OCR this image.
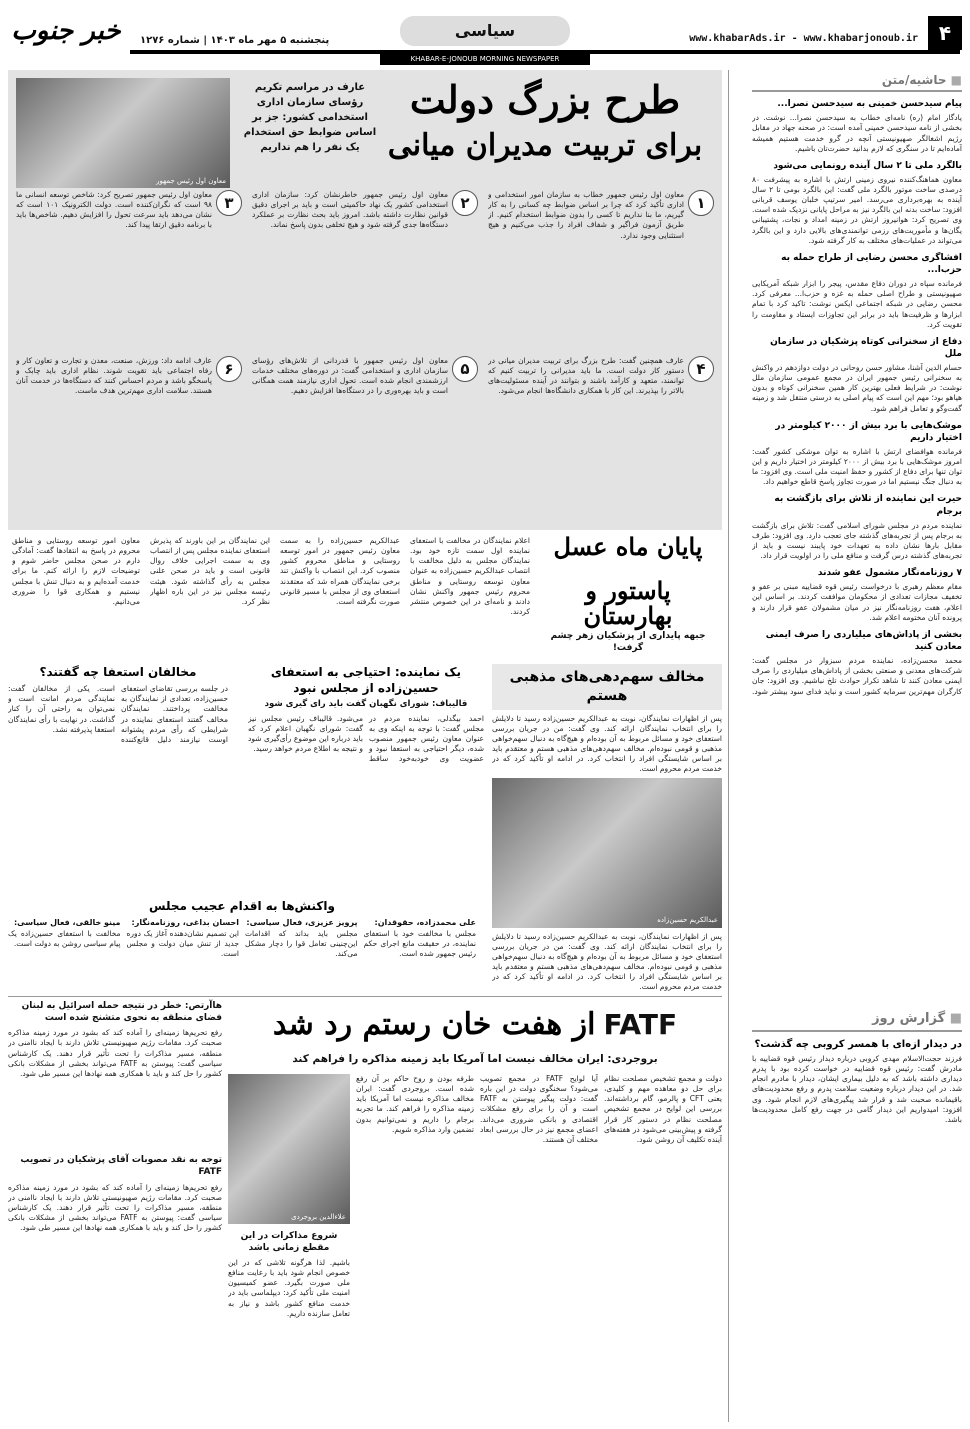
۴
www.khabarAds.ir - www.khabarjonoub.ir
سیاسی
پنجشنبه ۵ مهر ماه ۱۴۰۳ | شماره ۱۲۷۶
خبر جنوب
KHABAR-E-JONOUB MORNING NEWSPAPER
■ حاشیه/متن
پیام سیدحسن خمینی به سیدحسن نصرا...
یادگار امام (ره) نامه‌ای خطاب به سیدحسن نصرا... نوشت. در بخشی از نامه سیدحسن خمینی آمده است: در صحنه جهاد در مقابل رژیم اشغالگر صهیونیستی آنچه در گرو خدمت هستیم همیشه آماده‌ایم تا در سنگری که لازم بدانید حضرت‌تان باشیم.
بالگرد ملی تا ۲ سال آینده رونمایی می‌شود
معاون هماهنگ‌کننده نیروی زمینی ارتش با اشاره به پیشرفت ۸۰ درصدی ساخت موتور بالگرد ملی گفت: این بالگرد بومی تا ۲ سال آینده به بهره‌برداری می‌رسد. امیر سرتیپ خلبان یوسف قربانی افزود: ساخت بدنه این بالگرد نیز به مراحل پایانی نزدیک شده است. وی تصریح کرد: هوانیروز ارتش در زمینه امداد و نجات، پشتیبانی یگان‌ها و مأموریت‌های رزمی توانمندی‌های بالایی دارد و این بالگرد می‌تواند در عملیات‌های مختلف به کار گرفته شود.
افشاگری محسن رضایی از طراح حمله به حزب‌ا...
فرمانده سپاه در دوران دفاع مقدس، پیجر را ابزار شبکه آمریکایی صهیونیستی و طراح اصلی حمله به غزه و حزب‌ا... معرفی کرد. محسن رضایی در شبکه اجتماعی ایکس نوشت: تاکید کرد با تمام ابزارها و ظرفیت‌ها باید در برابر این تجاوزات ایستاد و مقاومت را تقویت کرد.
دفاع از سخنرانی کوتاه پزشکیان در سازمان ملل
حسام الدین آشنا، مشاور حسن روحانی در دولت دوازدهم در واکنش به سخنرانی رئیس جمهور ایران در مجمع عمومی سازمان ملل نوشت: در شرایط فعلی بهترین کار همین سخنرانی کوتاه و بدون هیاهو بود؛ مهم این است که پیام اصلی به درستی منتقل شد و زمینه گفت‌وگو و تعامل فراهم شود.
موشک‌هایی با برد بیش از ۲۰۰۰ کیلومتر در اختیار داریم
فرمانده هوافضای ارتش با اشاره به توان موشکی کشور گفت: امروز موشک‌هایی با برد بیش از ۲۰۰۰ کیلومتر در اختیار داریم و این توان تنها برای دفاع از کشور و حفظ امنیت ملی است. وی افزود: ما به دنبال جنگ نیستیم اما در صورت تجاوز پاسخ قاطع خواهیم داد.
حیرت این نماینده از تلاش برای بازگشت به برجام
نماینده مردم در مجلس شورای اسلامی گفت: تلاش برای بازگشت به برجام پس از تجربه‌های گذشته جای تعجب دارد. وی افزود: طرف مقابل بارها نشان داده به تعهدات خود پایبند نیست و باید از تجربه‌های گذشته درس گرفت و منافع ملی را در اولویت قرار داد.
۷ روزنامه‌نگار مشمول عفو شدند
مقام معظم رهبری با درخواست رئیس قوه قضاییه مبنی بر عفو و تخفیف مجازات تعدادی از محکومان موافقت کردند. بر اساس این اعلام، هفت روزنامه‌نگار نیز در میان مشمولان عفو قرار دارند و پرونده آنان مختومه اعلام شد.
بخشی از پاداش‌های میلیاردی را صرف ایمنی معادن کنید
محمد محسن‌زاده، نماینده مردم سبزوار در مجلس گفت: شرکت‌های معدنی و صنعتی بخشی از پاداش‌های میلیاردی را صرف ایمنی معادن کنند تا شاهد تکرار حوادث تلخ نباشیم. وی افزود: جان کارگران مهم‌ترین سرمایه کشور است و نباید فدای سود بیشتر شود.
■ گزارش روز
در دیدار ازه‌ای با همسر کروبی چه گذشت؟
فرزند حجت‌الاسلام مهدی کروبی درباره دیدار رئیس قوه قضاییه با مادرش گفت: رئیس قوه قضاییه در خواست کرده بود با پدرم دیداری داشته باشد که به دلیل بیماری ایشان، دیدار با مادرم انجام شد. در این دیدار درباره وضعیت سلامت پدرم و رفع محدودیت‌های باقیمانده صحبت شد و قرار شد پیگیری‌های لازم انجام شود. وی افزود: امیدواریم این دیدار گامی در جهت رفع کامل محدودیت‌ها باشد.
طرح بزرگ دولت
برای تربیت مدیران میانی
عارف در مراسم تکریم رؤسای سازمان اداری استخدامی کشور: جز بر اساس ضوابط حق استخدام یک نفر را هم نداریم
معاون اول رئیس جمهور
۱
معاون اول رئیس جمهور خطاب به سازمان امور استخدامی و اداری تأکید کرد که چرا بر اساس ضوابط چه کسانی را به کار گیریم، ما بنا نداریم تا کسی را بدون ضوابط استخدام کنیم. از طریق آزمون فراگیر و شفاف افراد را جذب می‌کنیم و هیچ استثنایی وجود ندارد.
۲
معاون اول رئیس جمهور خاطرنشان کرد: سازمان اداری استخدامی کشور یک نهاد حاکمیتی است و باید بر اجرای دقیق قوانین نظارت داشته باشد. امروز باید بحث نظارت بر عملکرد دستگاه‌ها جدی گرفته شود و هیچ تخلفی بدون پاسخ نماند.
۳
معاون اول رئیس جمهور تصریح کرد: شاخص توسعه انسانی ما ۹۸ است که نگران‌کننده است. دولت الکترونیک ۱۰۱ است که نشان می‌دهد باید سرعت تحول را افزایش دهیم. شاخص‌ها باید با برنامه دقیق ارتقا پیدا کند.
۴
عارف همچنین گفت: طرح بزرگ برای تربیت مدیران میانی در دستور کار دولت است. ما باید مدیرانی را تربیت کنیم که توانمند، متعهد و کارآمد باشند و بتوانند در آینده مسئولیت‌های بالاتر را بپذیرند. این کار با همکاری دانشگاه‌ها انجام می‌شود.
۵
معاون اول رئیس جمهور با قدردانی از تلاش‌های رؤسای سازمان اداری و استخدامی گفت: در دوره‌های مختلف خدمات ارزشمندی انجام شده است. تحول اداری نیازمند همت همگانی است و باید بهره‌وری را در دستگاه‌ها افزایش دهیم.
۶
عارف ادامه داد: ورزش، صنعت، معدن و تجارت و تعاون کار و رفاه اجتماعی باید تقویت شوند. نظام اداری باید چابک و پاسخگو باشد و مردم احساس کنند که دستگاه‌ها در خدمت آنان هستند. سلامت اداری مهم‌ترین هدف ماست.
پایان ماه عسل
پاستور و بهارستان
جبهه پایداری از پزشکیان زهر چشم گرفت!
اعلام نمایندگان در مخالفت با استعفای نماینده اول سمت تازه خود بود. نمایندگان مجلس به دلیل مخالفت با انتصاب عبدالکریم حسین‌زاده به عنوان معاون توسعه روستایی و مناطق محروم رئیس جمهور واکنش نشان دادند و نامه‌ای در این خصوص منتشر کردند.
عبدالکریم حسین‌زاده را به سمت معاون رئیس جمهور در امور توسعه روستایی و مناطق محروم کشور منصوب کرد. این انتصاب با واکنش تند برخی نمایندگان همراه شد که معتقدند استعفای وی از مجلس با مسیر قانونی صورت نگرفته است.
این نمایندگان بر این باورند که پذیرش استعفای نماینده مجلس پس از انتصاب وی به سمت اجرایی خلاف روال قانونی است و باید در صحن علنی مجلس به رأی گذاشته شود. هیئت رئیسه مجلس نیز در این باره اظهار نظر کرد.
معاون امور توسعه روستایی و مناطق محروم در پاسخ به انتقادها گفت: آمادگی دارم در صحن مجلس حاضر شوم و توضیحات لازم را ارائه کنم. ما برای خدمت آمده‌ایم و به دنبال تنش با مجلس نیستیم و همکاری قوا را ضروری می‌دانیم.
مخالف سهم‌دهی‌های مذهبی هستم
پس از اظهارات نمایندگان، نوبت به عبدالکریم حسین‌زاده رسید تا دلایلش را برای انتخاب نمایندگان ارائه کند. وی گفت: من در جریان بررسی استعفای خود و مسائل مربوط به آن بوده‌ام و هیچ‌گاه به دنبال سهم‌خواهی مذهبی و قومی نبوده‌ام. مخالف سهم‌دهی‌های مذهبی هستم و معتقدم باید بر اساس شایستگی افراد را انتخاب کرد. در ادامه او تأکید کرد که در خدمت مردم محروم است.
عبدالکریم حسین‌زاده
پس از اظهارات نمایندگان، نوبت به عبدالکریم حسین‌زاده رسید تا دلایلش را برای انتخاب نمایندگان ارائه کند. وی گفت: من در جریان بررسی استعفای خود و مسائل مربوط به آن بوده‌ام و هیچ‌گاه به دنبال سهم‌خواهی مذهبی و قومی نبوده‌ام. مخالف سهم‌دهی‌های مذهبی هستم و معتقدم باید بر اساس شایستگی افراد را انتخاب کرد. در ادامه او تأکید کرد که در خدمت مردم محروم است.
یک نماینده: احتیاجی به استعفای حسین‌زاده از مجلس نبود
قالیباف: شورای نگهبان گفت باید رای گیری شود
احمد بیگدلی، نماینده مردم در مجلس گفت: با توجه به اینکه وی به عنوان معاون رئیس جمهور منصوب شده، دیگر احتیاجی به استعفا نبود و عضویت وی خودبه‌خود ساقط می‌شود. قالیباف رئیس مجلس نیز گفت: شورای نگهبان اعلام کرد که باید درباره این موضوع رأی‌گیری شود و نتیجه به اطلاع مردم خواهد رسید.
مخالفان استعفا چه گفتند؟
در جلسه بررسی تقاضای استعفای حسین‌زاده، تعدادی از نمایندگان به مخالفت پرداختند. نمایندگان مخالف گفتند استعفای نماینده در شرایطی که رأی مردم پشتوانه اوست نیازمند دلیل قانع‌کننده است. یکی از مخالفان گفت: نمایندگی مردم امانت است و نمی‌توان به راحتی آن را کنار گذاشت. در نهایت با رأی نمایندگان استعفا پذیرفته نشد.
واکنش‌ها به اقدام عجیب مجلس
علی محمدزاده، حقوقدان:
مجلس با مخالفت خود با استعفای نماینده، در حقیقت مانع اجرای حکم رئیس جمهور شده است.
پرویز عزیزی، فعال سیاسی:
مجلس باید بداند که اقدامات این‌چنینی تعامل قوا را دچار مشکل می‌کند.
احسان بداغی، روزنامه‌نگار:
این تصمیم نشان‌دهنده آغاز یک دوره جدید از تنش میان دولت و مجلس است.
مینو خالقی، فعال سیاسی:
مخالفت با استعفای حسین‌زاده یک پیام سیاسی روشن به دولت است.
FATF
از هفت خان رستم رد شد
بروجردی: ایران مخالف نیست اما آمریکا باید زمینه مذاکره را فراهم کند
دولت و مجمع تشخیص مصلحت نظام برای حل دو معاهده مهم و کلیدی، یعنی CFT و پالرمو، گام برداشته‌اند. بررسی این لوایح در مجمع تشخیص مصلحت نظام در دستور کار قرار گرفته و پیش‌بینی می‌شود در هفته‌های آینده تکلیف آن روشن شود.
آیا لوایح FATF در مجمع تصویب می‌شود؟ سخنگوی دولت در این باره گفت: دولت پیگیر پیوستن به FATF است و آن را برای رفع مشکلات اقتصادی و بانکی ضروری می‌داند. اعضای مجمع نیز در حال بررسی ابعاد مختلف آن هستند.
طرفه بودن و روح حاکم بر آن رفع شده است. بروجردی گفت: ایران مخالف مذاکره نیست اما آمریکا باید زمینه مذاکره را فراهم کند. ما تجربه برجام را داریم و نمی‌توانیم بدون تضمین وارد مذاکره شویم.
علاءالدین بروجردی
شروع مذاکرات در این مقطع زمانی باشد
باشیم. لذا هرگونه تلاشی که در این خصوص انجام شود باید با رعایت منافع ملی صورت بگیرد. عضو کمیسیون امنیت ملی تأکید کرد: دیپلماسی باید در خدمت منافع کشور باشد و نیاز به تعامل سازنده داریم.
هاآرتص: خطر در نتیجه حمله اسرائیل به لبنان فضای منطقه به نحوی متشنج شده است
رفع تحریم‌ها زمینه‌ای را آماده کند که بشود در مورد زمینه مذاکره صحبت کرد. مقامات رژیم صهیونیستی تلاش دارند با ایجاد ناامنی در منطقه، مسیر مذاکرات را تحت تأثیر قرار دهند. یک کارشناس سیاسی گفت: پیوستن به FATF می‌تواند بخشی از مشکلات بانکی کشور را حل کند و باید با همکاری همه نهادها این مسیر طی شود.
توجه به نقد مصوبات آقای پزشکیان در تصویب FATF
رفع تحریم‌ها زمینه‌ای را آماده کند که بشود در مورد زمینه مذاکره صحبت کرد. مقامات رژیم صهیونیستی تلاش دارند با ایجاد ناامنی در منطقه، مسیر مذاکرات را تحت تأثیر قرار دهند. یک کارشناس سیاسی گفت: پیوستن به FATF می‌تواند بخشی از مشکلات بانکی کشور را حل کند و باید با همکاری همه نهادها این مسیر طی شود.
